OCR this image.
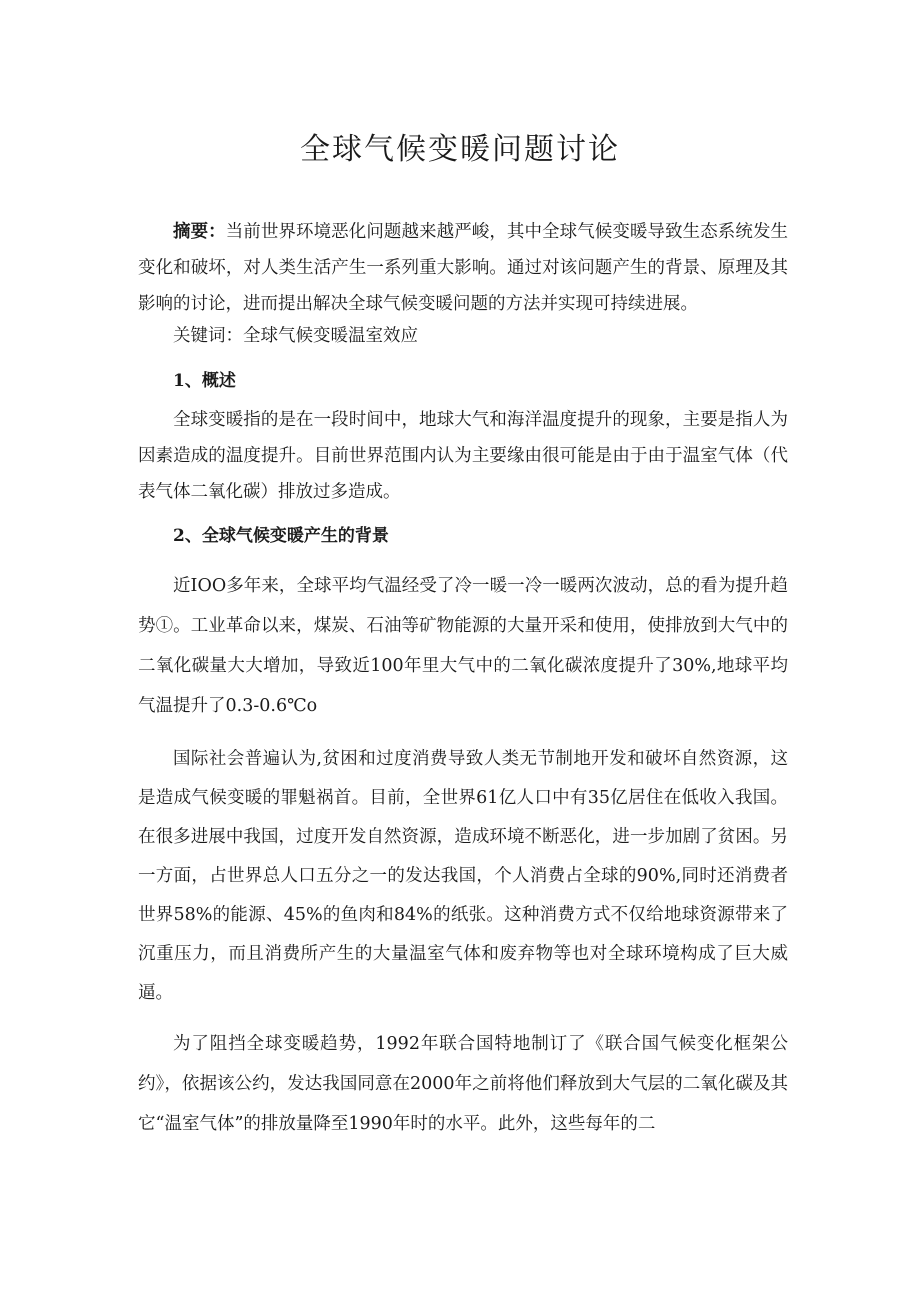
全球气候变暖问题讨论

摘要：当前世界环境恶化问题越来越严峻，其中全球气候变暖导致生态系统发生变化和破坏，对人类生活产生一系列重大影响。通过对该问题产生的背景、原理及其影响的讨论，进而提出解决全球气候变暖问题的方法并实现可持续进展。

关键词：全球气候变暖温室效应

1、概述

全球变暖指的是在一段时间中，地球大气和海洋温度提升的现象，主要是指人为因素造成的温度提升。目前世界范围内认为主要缘由很可能是由于由于温室气体（代表气体二氧化碳）排放过多造成。

2、全球气候变暖产生的背景

近IOO多年来，全球平均气温经受了冷一暖一冷一暖两次波动，总的看为提升趋势①。工业革命以来，煤炭、石油等矿物能源的大量开采和使用，使排放到大气中的二氧化碳量大大增加，导致近100年里大气中的二氧化碳浓度提升了30%,地球平均气温提升了0.3-0.6℃o

国际社会普遍认为,贫困和过度消费导致人类无节制地开发和破坏自然资源，这是造成气候变暖的罪魁祸首。目前，全世界61亿人口中有35亿居住在低收入我国。在很多进展中我国，过度开发自然资源，造成环境不断恶化，进一步加剧了贫困。另一方面，占世界总人口五分之一的发达我国，个人消费占全球的90%,同时还消费者世界58%的能源、45%的鱼肉和84%的纸张。这种消费方式不仅给地球资源带来了沉重压力，而且消费所产生的大量温室气体和废弃物等也对全球环境构成了巨大威逼。

为了阻挡全球变暖趋势，1992年联合国特地制订了《联合国气候变化框架公约》，依据该公约，发达我国同意在2000年之前将他们释放到大气层的二氧化碳及其它“温室气体”的排放量降至1990年时的水平。此外，这些每年的二
